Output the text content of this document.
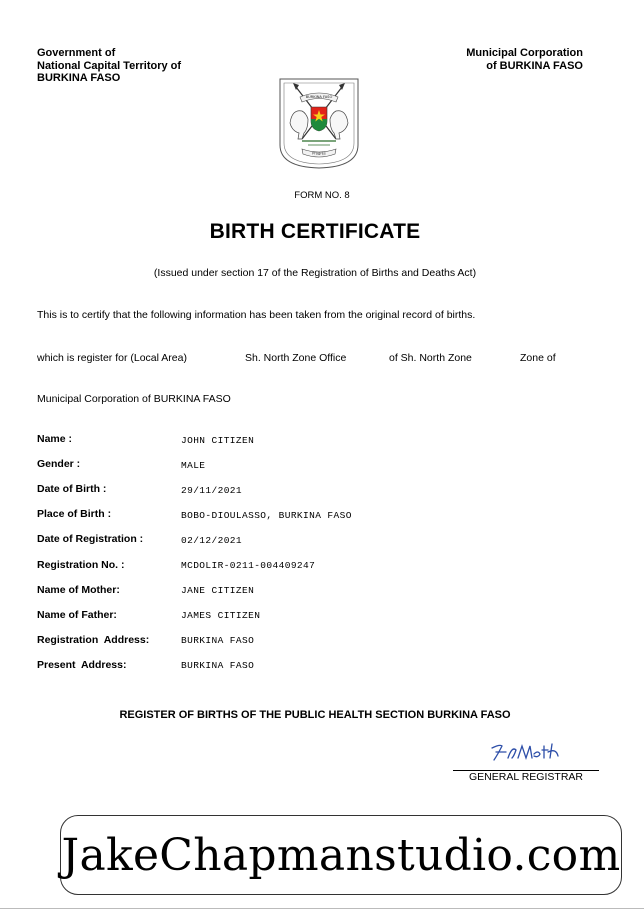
Government of
National Capital Territory of
BURKINA FASO
Municipal Corporation
of BURKINA FASO
BURKINA FASO
Progrès
FORM NO. 8
BIRTH CERTIFICATE
(Issued under section 17 of the Registration of Births and Deaths Act)
This is to certify that the following information has been taken from the original record of births.
which is register for (Local Area)	Sh. North Zone Office	of Sh. North Zone	Zone of
Municipal Corporation of BURKINA FASO
Name :	JOHN CITIZEN
Gender :	MALE
Date of Birth :	29/11/2021
Place of Birth :	BOBO-DIOULASSO, BURKINA FASO
Date of Registration :	02/12/2021
Registration No. :	MCDOLIR-0211-004409247
Name of Mother:	JANE CITIZEN
Name of Father:	JAMES CITIZEN
Registration  Address:	BURKINA FASO
Present  Address:	BURKINA FASO
REGISTER OF BIRTHS OF THE PUBLIC HEALTH SECTION BURKINA FASO
GENERAL REGISTRAR
JakeChapmanstudio.com
